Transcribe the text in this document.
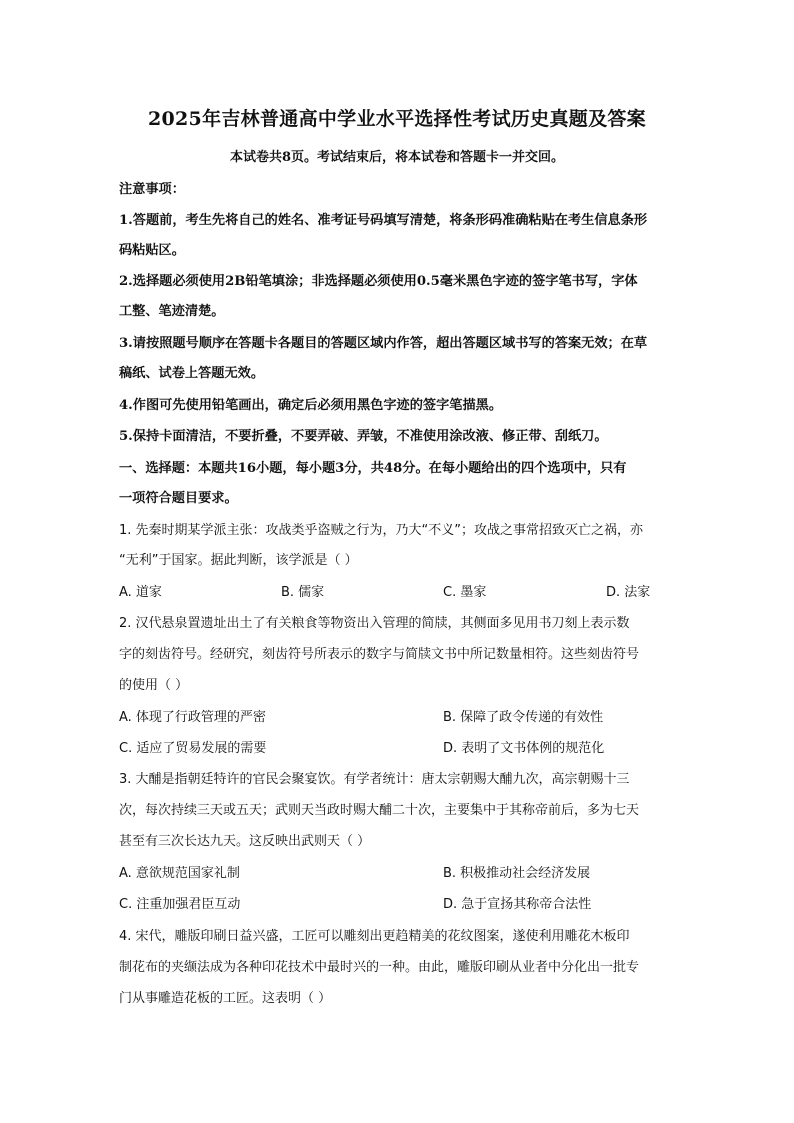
2025年吉林普通高中学业水平选择性考试历史真题及答案
本试卷共8页。考试结束后，将本试卷和答题卡一并交回。
注意事项：
1.答题前，考生先将自己的姓名、准考证号码填写清楚，将条形码准确粘贴在考生信息条形
码粘贴区。
2.选择题必须使用2B铅笔填涂；非选择题必须使用0.5毫米黑色字迹的签字笔书写，字体
工整、笔迹清楚。
3.请按照题号顺序在答题卡各题目的答题区域内作答，超出答题区域书写的答案无效；在草
稿纸、试卷上答题无效。
4.作图可先使用铅笔画出，确定后必须用黑色字迹的签字笔描黑。
5.保持卡面清洁，不要折叠，不要弄破、弄皱，不准使用涂改液、修正带、刮纸刀。
一、选择题：本题共16小题，每小题3分，共48分。在每小题给出的四个选项中，只有
一项符合题目要求。
1. 先秦时期某学派主张：攻战类乎盗贼之行为，乃大“不义”；攻战之事常招致灭亡之祸，亦
“无利”于国家。据此判断，该学派是（ ）
A. 道家	B. 儒家	C. 墨家	D. 法家
2. 汉代悬泉置遗址出土了有关粮食等物资出入管理的简牍，其侧面多见用书刀刻上表示数
字的刻齿符号。经研究，刻齿符号所表示的数字与简牍文书中所记数量相符。这些刻齿符号
的使用（ ）
A. 体现了行政管理的严密	B. 保障了政令传递的有效性
C. 适应了贸易发展的需要	D. 表明了文书体例的规范化
3. 大酺是指朝廷特许的官民会聚宴饮。有学者统计：唐太宗朝赐大酺九次，高宗朝赐十三
次，每次持续三天或五天；武则天当政时赐大酺二十次，主要集中于其称帝前后，多为七天
甚至有三次长达九天。这反映出武则天（ ）
A. 意欲规范国家礼制	B. 积极推动社会经济发展
C. 注重加强君臣互动	D. 急于宣扬其称帝合法性
4. 宋代，雕版印刷日益兴盛，工匠可以雕刻出更趋精美的花纹图案，遂使利用雕花木板印
制花布的夹缬法成为各种印花技术中最时兴的一种。由此，雕版印刷从业者中分化出一批专
门从事雕造花板的工匠。这表明（ ）
